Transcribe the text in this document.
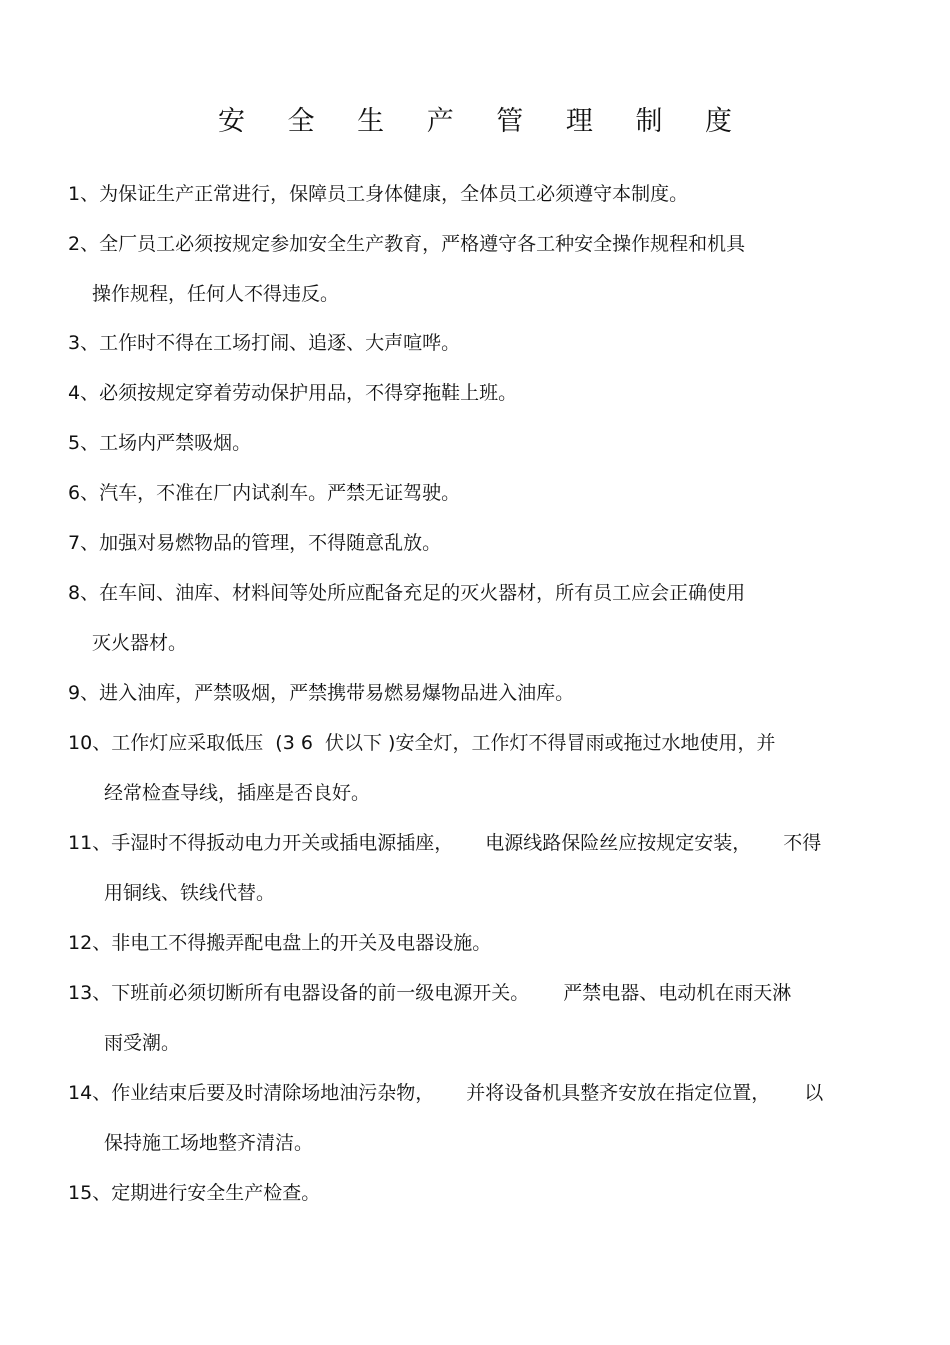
安 全 生 产 管 理 制 度
1、为保证生产正常进行，保障员工身体健康，全体员工必须遵守本制度。
2、全厂员工必须按规定参加安全生产教育，严格遵守各工种安全操作规程和机具
操作规程，任何人不得违反。
3、工作时不得在工场打闹、追逐、大声喧哗。
4、必须按规定穿着劳动保护用品，不得穿拖鞋上班。
5、工场内严禁吸烟。
6、汽车，不准在厂内试刹车。严禁无证驾驶。
7、加强对易燃物品的管理，不得随意乱放。
8、在车间、油库、材料间等处所应配备充足的灭火器材，所有员工应会正确使用
灭火器材。
9、进入油库，严禁吸烟，严禁携带易燃易爆物品进入油库。
10、工作灯应采取低压  (3 6  伏以下 )安全灯，工作灯不得冒雨或拖过水地使用，并
经常检查导线，插座是否良好。
11、手湿时不得扳动电力开关或插电源插座， 电源线路保险丝应按规定安装， 不得
用铜线、铁线代替。
12、非电工不得搬弄配电盘上的开关及电器设施。
13、下班前必须切断所有电器设备的前一级电源开关。 严禁电器、电动机在雨天淋
雨受潮。
14、作业结束后要及时清除场地油污杂物， 并将设备机具整齐安放在指定位置， 以
保持施工场地整齐清洁。
15、定期进行安全生产检查。
